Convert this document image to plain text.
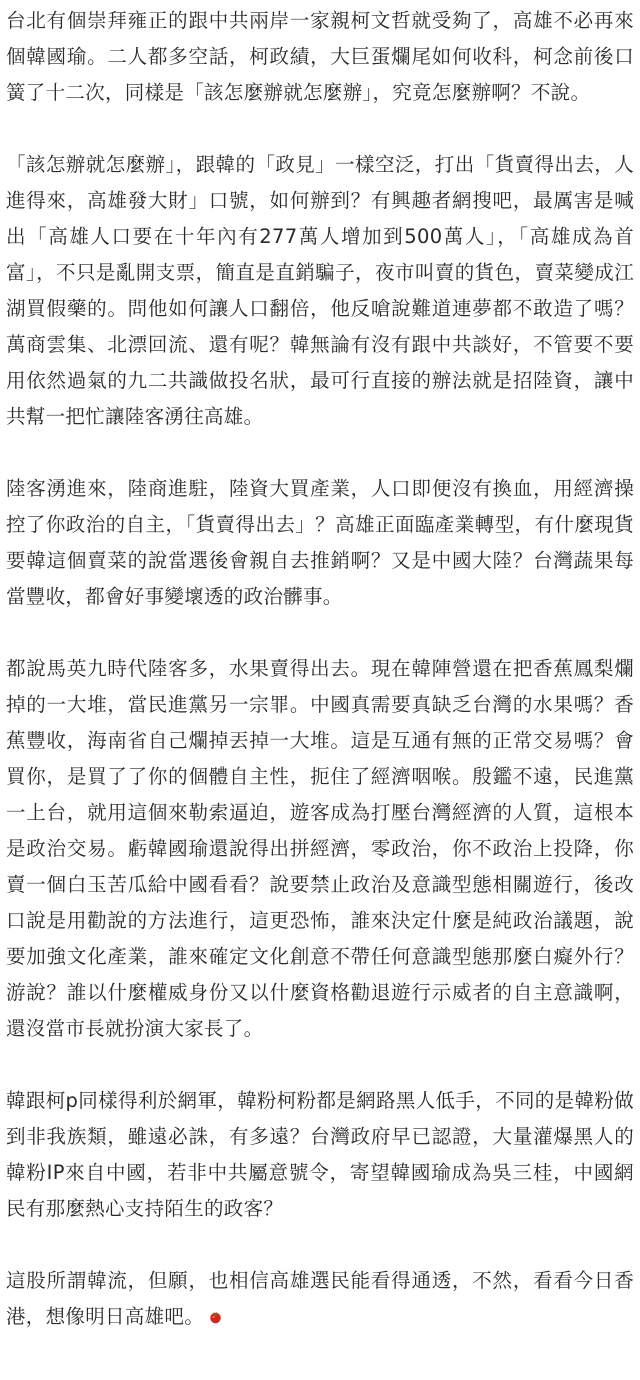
台北有個崇拜雍正的跟中共兩岸一家親柯文哲就受夠了，高雄不必再來個韓國瑜。二人都多空話，柯政績，大巨蛋爛尾如何收科，柯念前後口簧了十二次，同樣是「該怎麼辦就怎麼辦」，究竟怎麼辦啊？不說。

「該怎辦就怎麼辦」，跟韓的「政見」一樣空泛，打出「貨賣得出去，人進得來，高雄發大財」口號，如何辦到？有興趣者網搜吧，最厲害是喊出「高雄人口要在十年內有277萬人增加到500萬人」，「高雄成為首富」，不只是亂開支票，簡直是直銷騙子，夜市叫賣的貨色，賣菜變成江湖買假藥的。問他如何讓人口翻倍，他反嗆說難道連夢都不敢造了嗎？萬商雲集、北漂回流、還有呢？韓無論有沒有跟中共談好，不管要不要用依然過氣的九二共識做投名狀，最可行直接的辦法就是招陸資，讓中共幫一把忙讓陸客湧往高雄。

陸客湧進來，陸商進駐，陸資大買產業，人口即便沒有換血，用經濟操控了你政治的自主，「貨賣得出去」？高雄正面臨產業轉型，有什麼現貨要韓這個賣菜的說當選後會親自去推銷啊？又是中國大陸？台灣蔬果每當豐收，都會好事變壞透的政治髒事。

都說馬英九時代陸客多，水果賣得出去。現在韓陣營還在把香蕉鳳梨爛掉的一大堆，當民進黨另一宗罪。中國真需要真缺乏台灣的水果嗎？香蕉豐收，海南省自己爛掉丟掉一大堆。這是互通有無的正常交易嗎？會買你，是買了了你的個體自主性，扼住了經濟咽喉。殷鑑不遠，民進黨一上台，就用這個來勒索逼迫，遊客成為打壓台灣經濟的人質，這根本是政治交易。虧韓國瑜還說得出拼經濟，零政治，你不政治上投降，你賣一個白玉苦瓜給中國看看？說要禁止政治及意識型態相關遊行，後改口說是用勸說的方法進行，這更恐怖，誰來決定什麼是純政治議題，說要加強文化產業，誰來確定文化創意不帶任何意識型態那麼白癡外行？游說？誰以什麼權威身份又以什麼資格勸退遊行示威者的自主意識啊，還沒當市長就扮演大家長了。

韓跟柯p同樣得利於網軍，韓粉柯粉都是網路黑人低手，不同的是韓粉做到非我族類，雖遠必誅，有多遠？台灣政府早已認證，大量灌爆黑人的韓粉IP來自中國，若非中共屬意號令，寄望韓國瑜成為吳三桂，中國網民有那麼熱心支持陌生的政客？

這股所謂韓流，但願，也相信高雄選民能看得通透，不然，看看今日香港，想像明日高雄吧。
